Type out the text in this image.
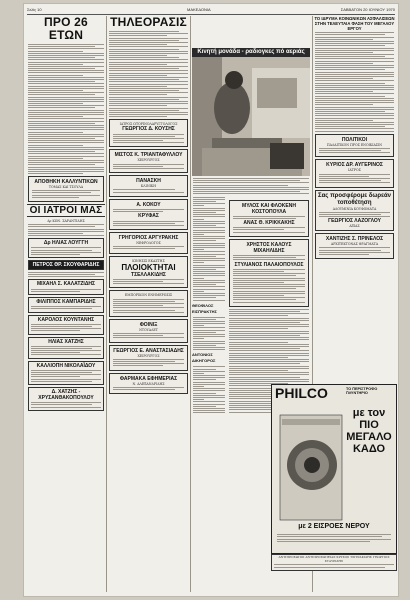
Σελίς 10	ΜΑΚΕΔΟΝΙΑ	ΣΑΒΒΑΤΟΝ 20 ΙΟΥΝΙΟΥ 1970
ΠΡΟ 26 ΕΤΩΝ
ΑΠΟΘΗΚΗ ΚΑΛΛΥΝΤΙΚΩΝ
ΤΟΜΑΣ ΚΑΙ ΤΣΟΥΛΑ
ΟΙ ΙΑΤΡΟΙ ΜΑΣ
Δρ ΚΩΝ. ΣΑΡΑΝΤΙΔΗΣ
Δρ ΗΛΙΑΣ ΛΟΥΓΓΗ
ΠΕΤΡΟΣ ΘΡ. ΣΚΟΥΦΑΡΙΔΗΣ
ΜΙΧΑΗΛ Σ. ΚΑΛΑΤΖΙΔΗΣ
ΦΙΛΙΠΠΟΣ ΚΑΜΠΑΡΙΔΗΣ
ΚΑΡΟΛΟΣ ΚΟΥΝΤΑΝΗΣ
ΗΛΙΑΣ ΧΑΤΖΗΣ
ΚΑΛΛΙΟΠΗ ΝΙΚΟΛΑΪΔΟΥ
Δ. ΧΑΤΖΗΣ - ΧΡΥΣΑΝΘΑΚΟΠΟΥΛΟΥ
ΤΗΛΕΟΡΑΣΙΣ
ΙΑΤΡΟΣ ΩΤΟΡΙΝΟΛΑΡΥΓΓΟΛΟΓΟΣ
ΓΕΩΡΓΙΟΣ Δ. ΚΟΥΣΗΣ
ΜΙΣΤΟΣ Κ. ΤΡΙΑΝΤΑΦΥΛΛΟΥ
ΧΕΙΡΟΥΡΓΟΣ
ΠΑΝΑΣΚΗ
ΚΛΙΝΙΚΗ
Α. ΚΟΚΟΥ
ΚΡΥΦΑΣ
ΓΡΗΓΟΡΙΟΣ ΑΡΓΥΡΑΚΗΣ
ΝΕΦΡΟΛΟΓΟΣ
ΚΙΝΗΣΙΣ ΕΚΑΣΤΗΣ
ΠΛΟΙΟΚΤΗΤΑΙ
ΤΣΕΛΛΑΚΙΔΗΣ
ΕΜΠΟΡΙΚΟΝ ΕΝΗΜΕΡΩΣΙΣ
ΦΟΙΝΙΞ
ΝΤΟΥΑΛΕΤ
ΓΕΩΡΓΙΟΣ Ε. ΑΝΑΣΤΑΣΙΑΔΗΣ
ΧΕΙΡΟΥΡΓΟΣ
ΦΑΡΜΑΚΑ ΕΦΗΜΕΡΙΑΣ
Ν. ΑΛΕΞΑΝΔΡΙΔΗΣ
Κινητή μονάδα - ραδιογκες πό αεριάς
ΘΕΟΦΙΛΟΣ ΕΙΣΠΡΑΚΤΗΣ
ΑΝΤΟΝΙΟΣ ΔΙΚΗΓΟΡΟΣ
ΜΥΛΟΣ ΚΑΙ ΦΛΟΚΕΝΗ ΚΟΣΤΟΠΟΥΛΑ
ΑΝΑΣ Θ. ΚΡΙΚΚΑΚΗΣ
ΧΡΗΣΤΟΣ ΚΑΛΟΥΣ ΜΙΧΑΗΛΙΔΗΣ
ΣΤΥΛΙΑΝΟΣ ΠΑΛΑΙΟΠΟΥΛΟΣ
ΤΟ ΙΔΡΥΜΑ ΚΟΙΝΩΝΙΚΩΝ ΑΣΦΑΛΙΣΕΩΝ ΣΤΗΝ ΤΕΛΕΥΤΑΙΑ ΦΑΣΗ ΤΟΥ ΜΕΓΑΛΟΥ ΕΡΓΟΥ
ΠΟΛΙΤΙΚΟΙ
ΠΑΛΑΙΤΙΚΟΝ ΠΡΟΣ ΕΝΟΙΚΙΑΣΙΝ
ΚΥΡΙΟΣ ΔΡ. ΑΥΓΕΡΙΝΟΣ
ΙΑΤΡΟΣ
Σας προσφέρομε δωρεάν τοποθέτηση
ΑΛΟΥΜΙΝΙΑ ΚΟΥΦΩΜΑΤΑ
ΓΕΩΡΓΙΟΣ ΛΑΖΟΓΛΟΥ
ΑΞΙΑΣ
ΧΑΝΤΙΖΗΣ Σ. ΠΡΙΝΕΛΟΣ
ΑΡΧΙΤΕΚΤΟΝΑΣ ΦΡΑΓΜΑΤΑ
PHILCO	ΤΟ ΠΕΡΙΣΤΡΟΦΟ ΠΛΥΝΤΗΡΙΟ
με τον ΠΙΟ ΜΕΓΑΛΟ ΚΑΔΟ
με 2 ΕΙΣΡΟΕΣ ΝΕΡΟΥ
ΑΝΤΙΠΡΟΣΩΠΟΙ ΑΝΤΙΠΡΟΣΩΠΕΙΑΣ ΧΡΥΣΟΣ ΤΣΙΤΡΑΚΙΔΗΣ ΓΕΩΡΓΙΟΣ ΣΤΑΥΡΙΔΗΣ
